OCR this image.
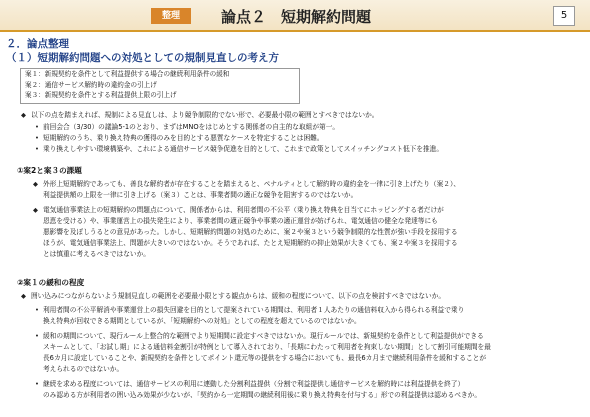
整理	論点２　短期解約問題	5
２．論点整理
（１）短期解約問題への対処としての規制見直しの考え方
案１：新規契約を条件として利益提供する場合の継続利用条件の緩和
案２：通信サービス解約時の違約金の引上げ
案３：新規契約を条件とする利益提供上限の引上げ
◆ 以下の点を踏まえれば、規制による見直しは、より競争制限的でない形で、必要最小限の範囲とすべきではないか。
• 前回会合（3/30）の議論5-1のとおり、まずはMNOをはじめとする関係者の自主的な取組が第一。
• 短期解約のうち、乗り換え特典の獲得のみを目的とする悪質なケースを特定することは困難。
• 乗り換えしやすい環境構築や、これによる通信サービス競争促進を目的として、これまで政策としてスイッチングコスト低下を推進。
①案2と案３の課題
◆ 外形上短期解約であっても、善良な解約者が存在することを踏まえると、ペナルティとして解約時の違約金を一律に引き上げたり（案２）、
利益提供額の上限を一律に引き上げる（案３）ことは、事業者間の適正な競争を阻害するのではないか。
◆ 電気通信事業法上の短期解約の問題点について、関係者からは、利用者間の不公平（乗り換え特典を目当てにホッピングする者だけが
恩恵を受ける）や、事業運営上の損失発生により、事業者間の適正競争や事業の適正運営が妨げられ、電気通信の健全な発達等にも
悪影響を及ぼしうるとの意見があった。しかし、短期解約問題の対処のために、案２や案３という競争制限的な性質が強い手段を採用する
ほうが、電気通信事業法上、問題が大きいのではないか。そうであれば、たとえ短期解約の抑止効果が大きくても、案２や案３を採用する
とは慎重に考えるべきではないか。
②案１の緩和の程度
◆ 囲い込みにつながらないよう規制見直しの範囲を必要最小限とする観点からは、緩和の程度について、以下の点を検討すべきではないか。
• 利用者間の不公平解消や事業運営上の損失回避を目的として提案されている期間は、利用者１人あたりの通信料収入から得られる利益で乗り
換え特典が回収できる期間としているが、「短期解約への対処」としての程度を超えているのではないか。
• 緩和の期間について、現行ルール上整合的な範囲でより短期間に設定すべきではないか。現行ルールでは、新規契約を条件として利益提供ができる
スキームとして、「お試し期」による通信料金割引が特例として導入されており、「長期にわたって利用者を拘束しない期間」として割引可能期間を最
長6カ月に設定していることや、新規契約を条件としてポイント還元等の提供をする場合においても、最長6カ月まで継続利用条件を緩和することが
考えられるのではないか。
• 継続を求める程度については、通信サービスの利用に連動した分割利益提供（分割で利益提供し通信サービスを解約時には利益提供を終了）
のみ認める方が利用者の囲い込み効果が少ないが、「契約から一定期間の継続利用後に乗り換え特典を付与する」形での利益提供は認めるべきか。
